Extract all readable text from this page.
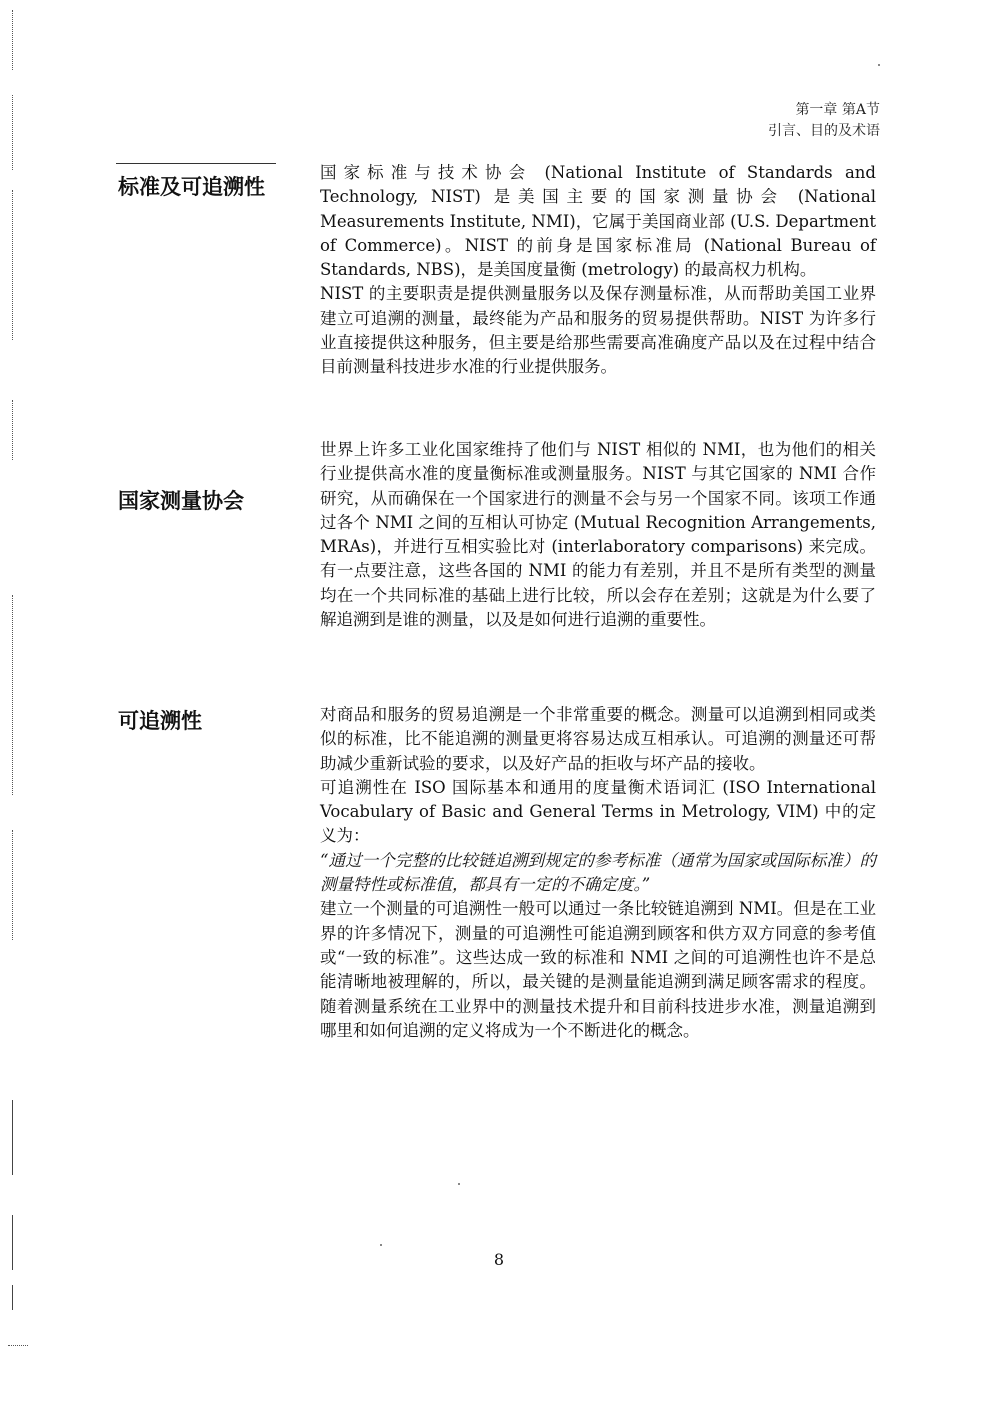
第一章 第A节
引言、目的及术语
标准及可追溯性

国家标准与技术协会 (National Institute of Standards and Technology, NIST) 是美国主要的国家测量协会 (National Measurements Institute, NMI)，它属于美国商业部 (U.S. Department of Commerce)。NIST 的前身是国家标准局 (National Bureau of Standards, NBS)，是美国度量衡 (metrology) 的最高权力机构。

NIST 的主要职责是提供测量服务以及保存测量标准，从而帮助美国工业界建立可追溯的测量，最终能为产品和服务的贸易提供帮助。NIST 为许多行业直接提供这种服务，但主要是给那些需要高准确度产品以及在过程中结合目前测量科技进步水准的行业提供服务。

国家测量协会

世界上许多工业化国家维持了他们与 NIST 相似的 NMI，也为他们的相关行业提供高水准的度量衡标准或测量服务。NIST 与其它国家的 NMI 合作研究，从而确保在一个国家进行的测量不会与另一个国家不同。该项工作通过各个 NMI 之间的互相认可协定 (Mutual Recognition Arrangements, MRAs)，并进行互相实验比对 (interlaboratory comparisons) 来完成。有一点要注意，这些各国的 NMI 的能力有差别，并且不是所有类型的测量均在一个共同标准的基础上进行比较，所以会存在差别；这就是为什么要了解追溯到是谁的测量，以及是如何进行追溯的重要性。

可追溯性	对商品和服务的贸易追溯是一个非常重要的概念。测量可以追溯到相同或类似的标准，比不能追溯的测量更将容易达成互相承认。可追溯的测量还可帮助减少重新试验的要求，以及好产品的拒收与坏产品的接收。

可追溯性在 ISO 国际基本和通用的度量衡术语词汇 (ISO International Vocabulary of Basic and General Terms in Metrology, VIM) 中的定义为：

“通过一个完整的比较链追溯到规定的参考标准（通常为国家或国际标准）的测量特性或标准值，都具有一定的不确定度。”

建立一个测量的可追溯性一般可以通过一条比较链追溯到 NMI。但是在工业界的许多情况下，测量的可追溯性可能追溯到顾客和供方双方同意的参考值或“一致的标准”。这些达成一致的标准和 NMI 之间的可追溯性也许不是总能清晰地被理解的，所以，最关键的是测量能追溯到满足顾客需求的程度。随着测量系统在工业界中的测量技术提升和目前科技进步水准，测量追溯到哪里和如何追溯的定义将成为一个不断进化的概念。

8
